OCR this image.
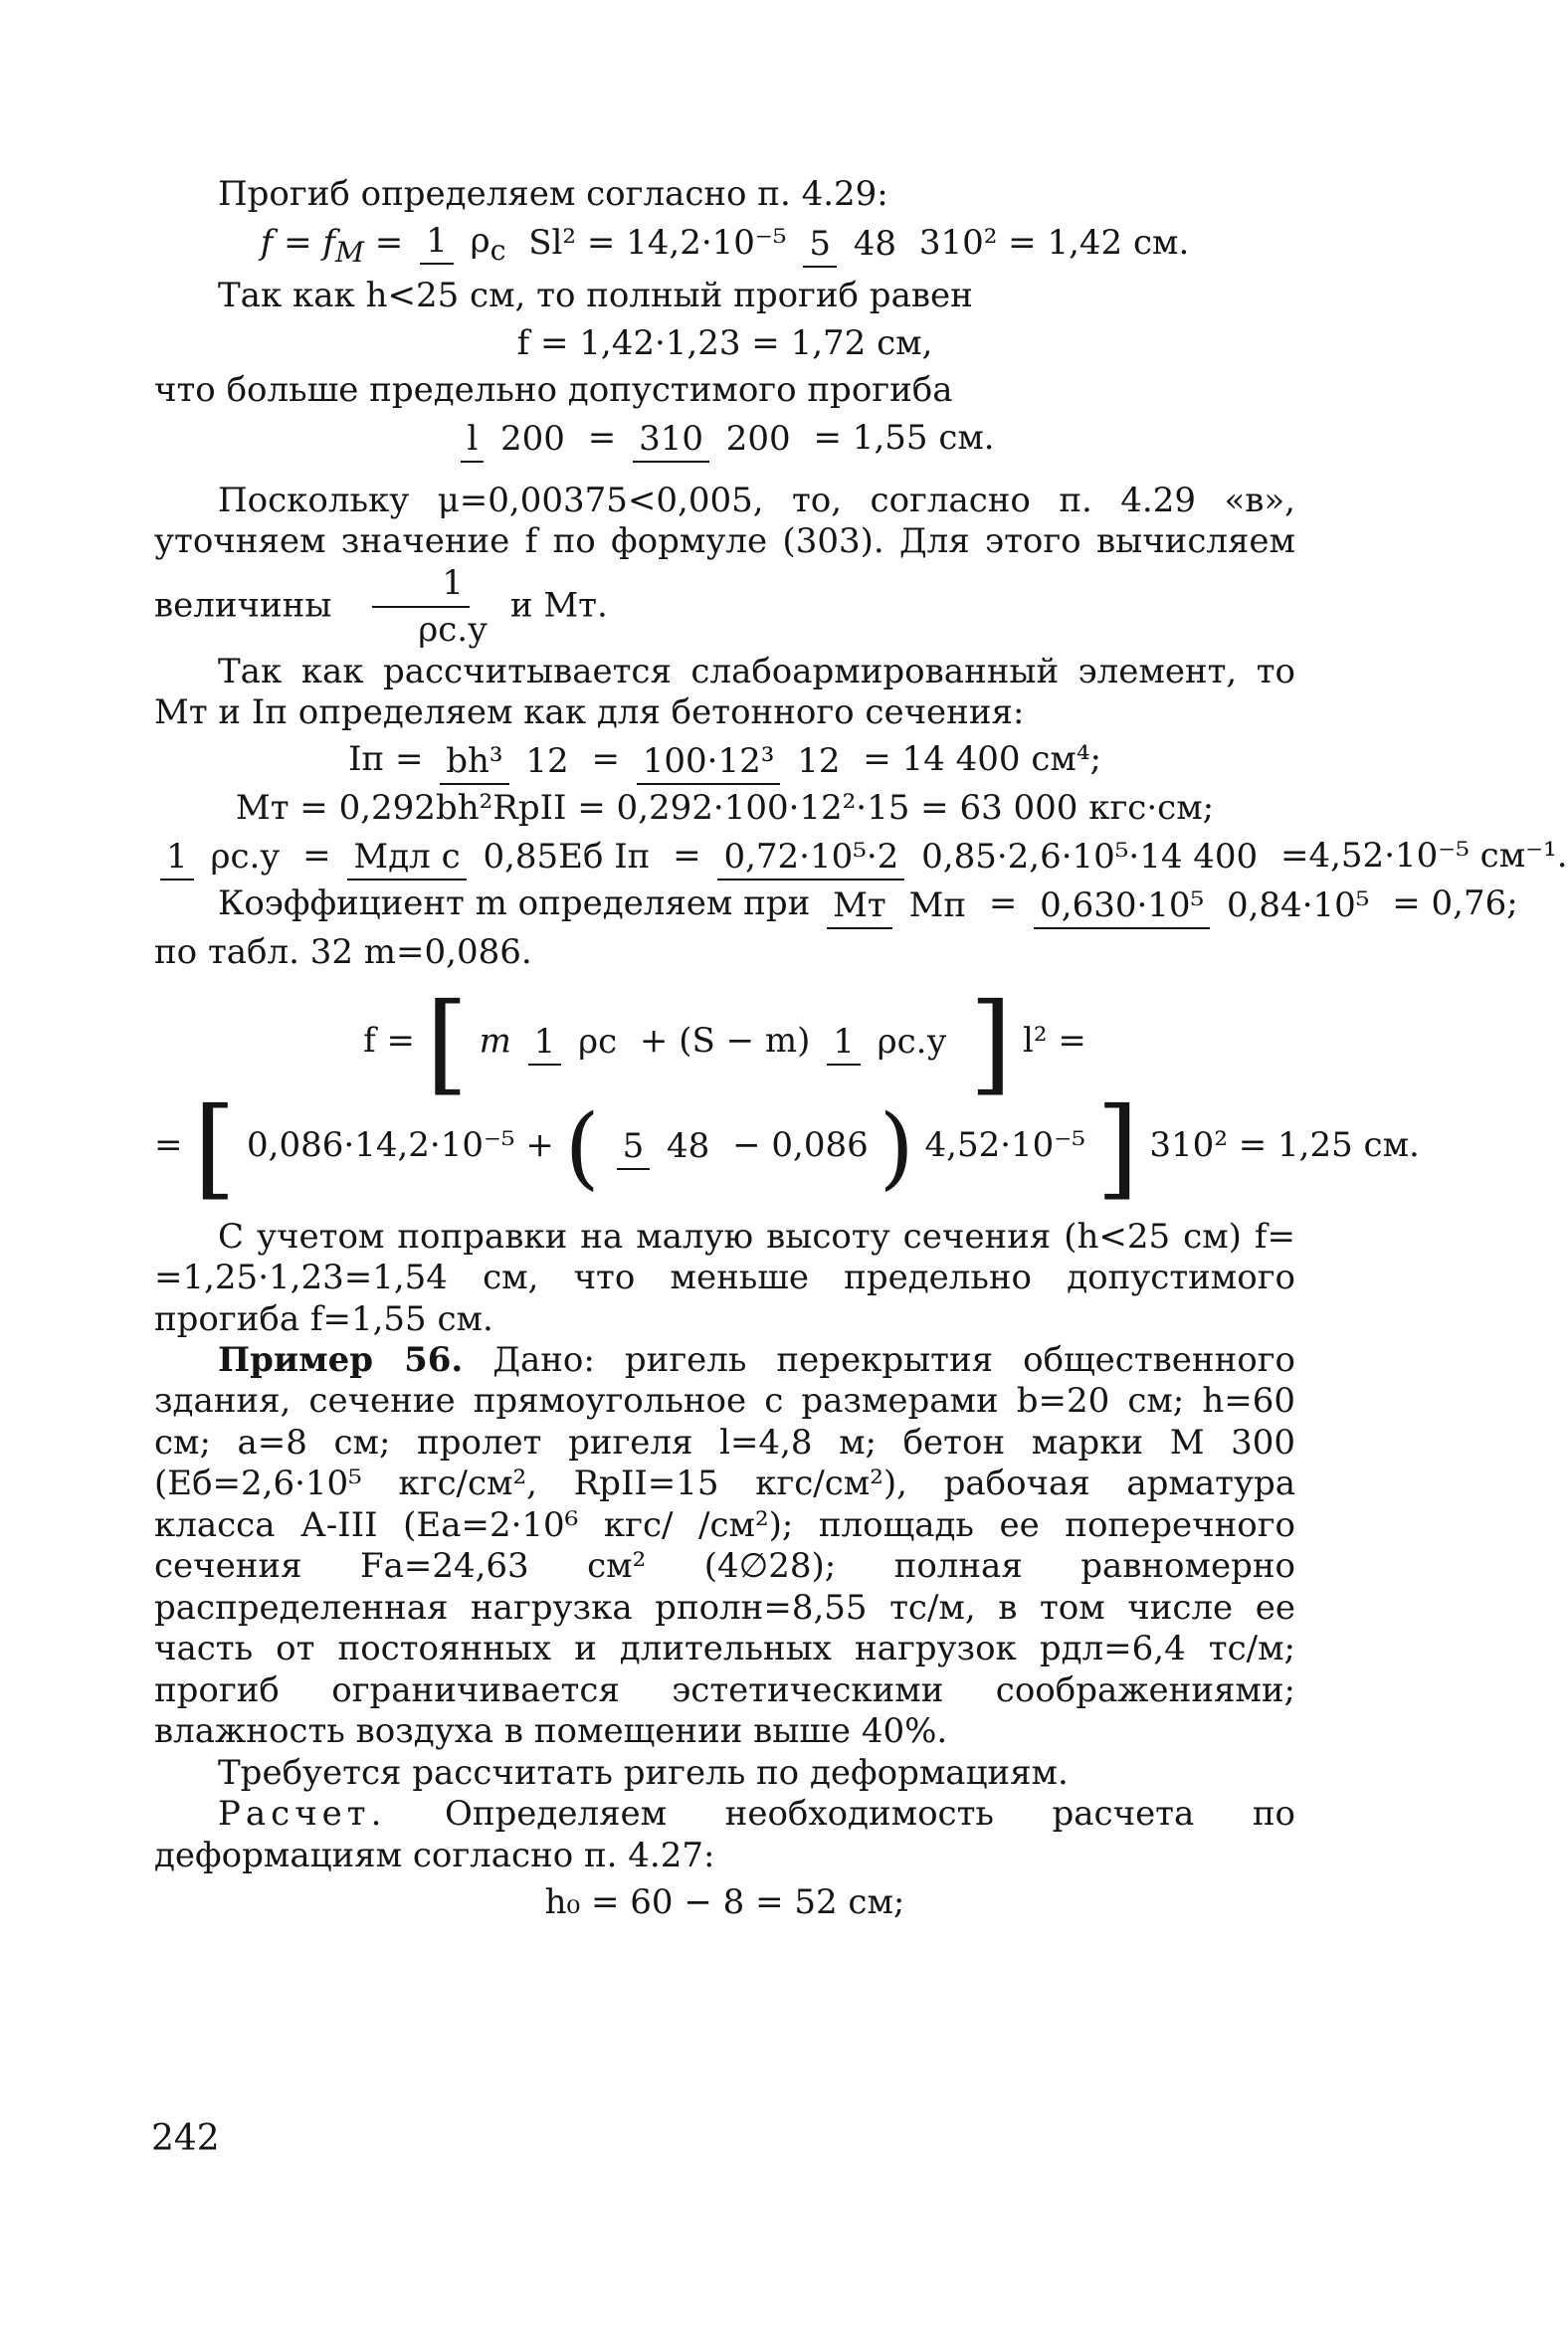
Прогиб определяем согласно п. 4.29:

$f = f_M = 1$ $\rho_c$ Sl² = 14,2·10⁻⁵ 5 48 310² = 1,42 см.

Так как h<25 см, то полный прогиб равен

f = 1,42·1,23 = 1,72 см,

что больше предельно допустимого прогиба

l 200 = 310 200 = 1,55 см.

Поскольку μ=0,00375<0,005, то, согласно п. 4.29 «в», уточняем значение f по формуле (303). Для этого вычисляем величины $\frac{1}{\rho с.у}$ и Mт.

Так как рассчитывается слабоармированный элемент, то Mт и Iп определяем как для бетонного сечения:

Iп = bh³ 12 = 100·12³ 12 = 14 400 см⁴;
Mт = 0,292bh²RpII = 0,292·100·12²·15 = 63 000 кгс·см;
1 ρс.у = Mдл c 0,85Eб Iп = 0,72·10⁵·2 0,85·2,6·10⁵·14 400 =4,52·10⁻⁵ см⁻¹.
Коэффициент m определяем при Mт Mп = 0,630·10⁵ 0,84·10⁵ = 0,76;

по табл. 32 m=0,086.

f = [ m 1 ρс + (S − m) 1 ρс.у ] l² =
= [ 0,086·14,2·10⁻⁵ + ( 5 48 − 0,086 ) 4,52·10⁻⁵ ] 310² = 1,25 см.

С учетом поправки на малую высоту сечения (h<25 см) f= =1,25·1,23=1,54 см, что меньше предельно допустимого прогиба f=1,55 см.

Пример 56. Дано: ригель перекрытия общественного здания, сечение прямоугольное с размерами b=20 см; h=60 см; a=8 см; пролет ригеля l=4,8 м; бетон марки М 300 (Eб=2,6·10⁵ кгс/см², RpII=15 кгс/см²), рабочая арматура класса А-III (Eа=2·10⁶ кгс/ /см²); площадь ее поперечного сечения Fа=24,63 см² (4∅28); полная равномерно распределенная нагрузка pполн=8,55 тс/м, в том числе ее часть от постоянных и длительных нагрузок pдл=6,4 тс/м; прогиб ограничивается эстетическими соображениями; влажность воздуха в помещении выше 40%.

Требуется рассчитать ригель по деформациям.

Расчет. Определяем необходимость расчета по деформациям согласно п. 4.27:

h₀ = 60 − 8 = 52 см;
242
